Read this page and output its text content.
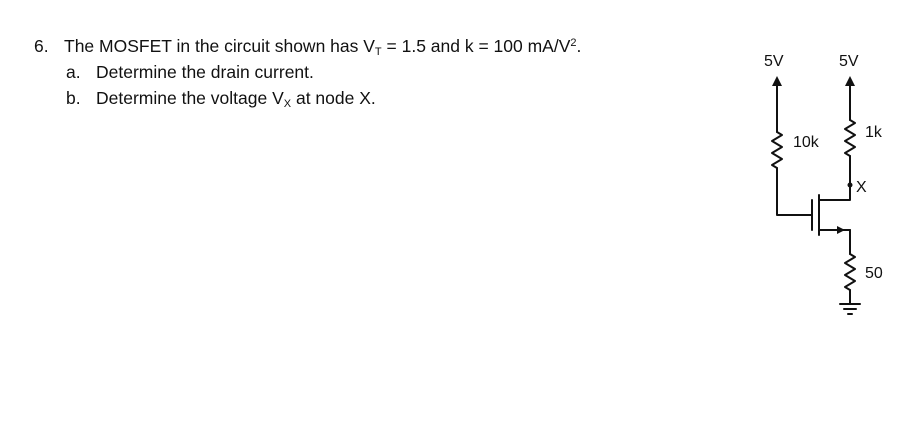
6. The MOSFET in the circuit shown has $V_T = 1.5$ and k = 100 $mA/V^2$.
a. Determine the drain current.
b. Determine the voltage $V_X$ at node X.
5V	5V
10k
1k
X
50
